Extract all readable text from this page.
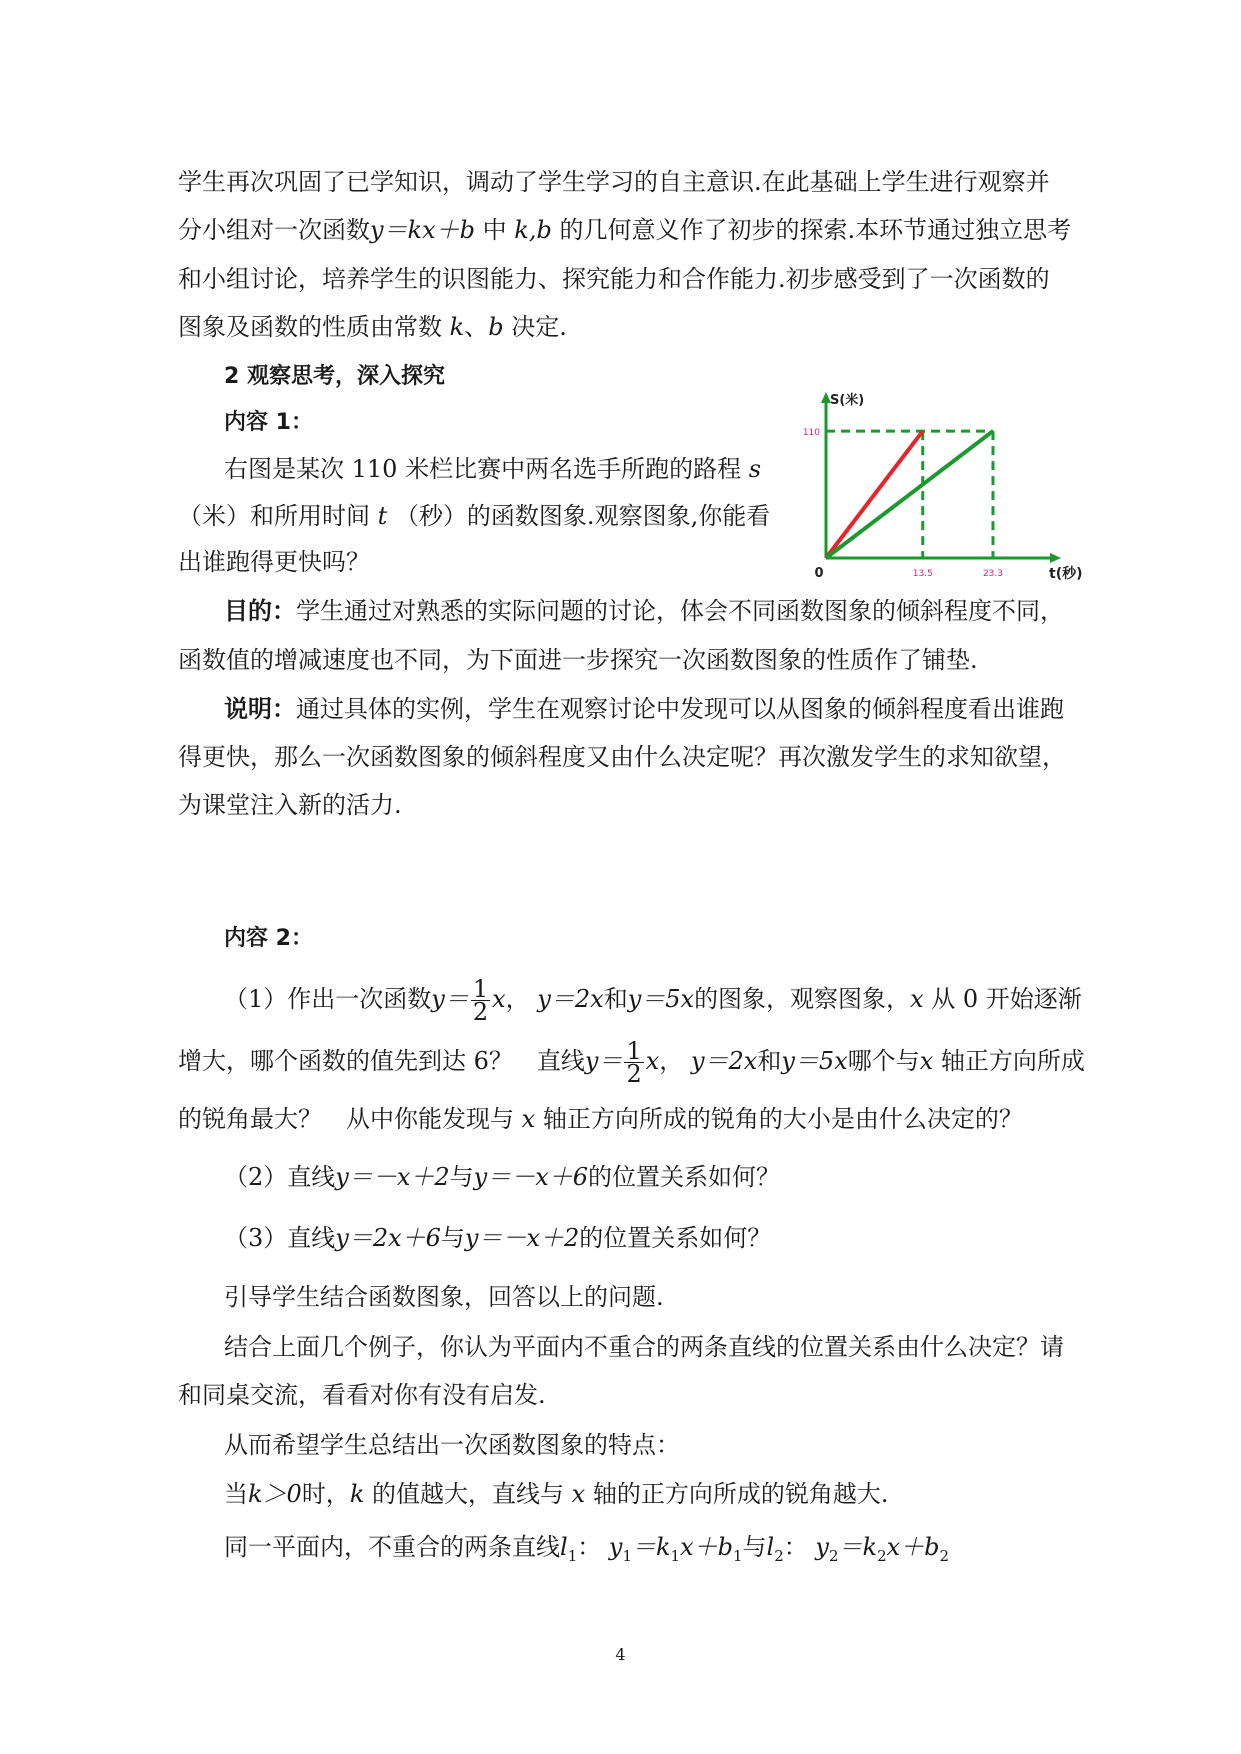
学生再次巩固了已学知识，调动了学生学习的自主意识.在此基础上学生进行观察并

分小组对一次函数y＝kx＋b 中 k,b 的几何意义作了初步的探索.本环节通过独立思考

和小组讨论，培养学生的识图能力、探究能力和合作能力.初步感受到了一次函数的

图象及函数的性质由常数 k、b 决定.

2 观察思考，深入探究

内容 1：

右图是某次 110 米栏比赛中两名选手所跑的路程 s

（米）和所用时间 t （秒）的函数图象.观察图象,你能看

出谁跑得更快吗？

S(米)
t(秒)
0
110
13.5	23.3

目的：学生通过对熟悉的实际问题的讨论，体会不同函数图象的倾斜程度不同，

函数值的增减速度也不同，为下面进一步探究一次函数图象的性质作了铺垫.

说明：通过具体的实例，学生在观察讨论中发现可以从图象的倾斜程度看出谁跑

得更快，那么一次函数图象的倾斜程度又由什么决定呢？再次激发学生的求知欲望，

为课堂注入新的活力.

内容 2：

（1）作出一次函数$y= \frac{1}{2}$ x， y＝2x和y＝5x的图象，观察图象，x 从 0 开始逐渐

增大，哪个函数的值先到达 6？　直线$y= \frac{1}{2}$ x， y＝2x和y＝5x哪个与x 轴正方向所成

的锐角最大？　从中你能发现与 x 轴正方向所成的锐角的大小是由什么决定的？

（2）直线y＝－x＋2与y＝－x＋6的位置关系如何？

（3）直线y＝2x＋6与y＝－x＋2的位置关系如何？

引导学生结合函数图象，回答以上的问题.

结合上面几个例子，你认为平面内不重合的两条直线的位置关系由什么决定？请

和同桌交流，看看对你有没有启发.

从而希望学生总结出一次函数图象的特点：

当k＞0时，k 的值越大，直线与 x 轴的正方向所成的锐角越大.

同一平面内，不重合的两条直线$l_1$： $y_1=k_1x+b_1$与$l_2$： $y_2=k_2x+b_2$

4
